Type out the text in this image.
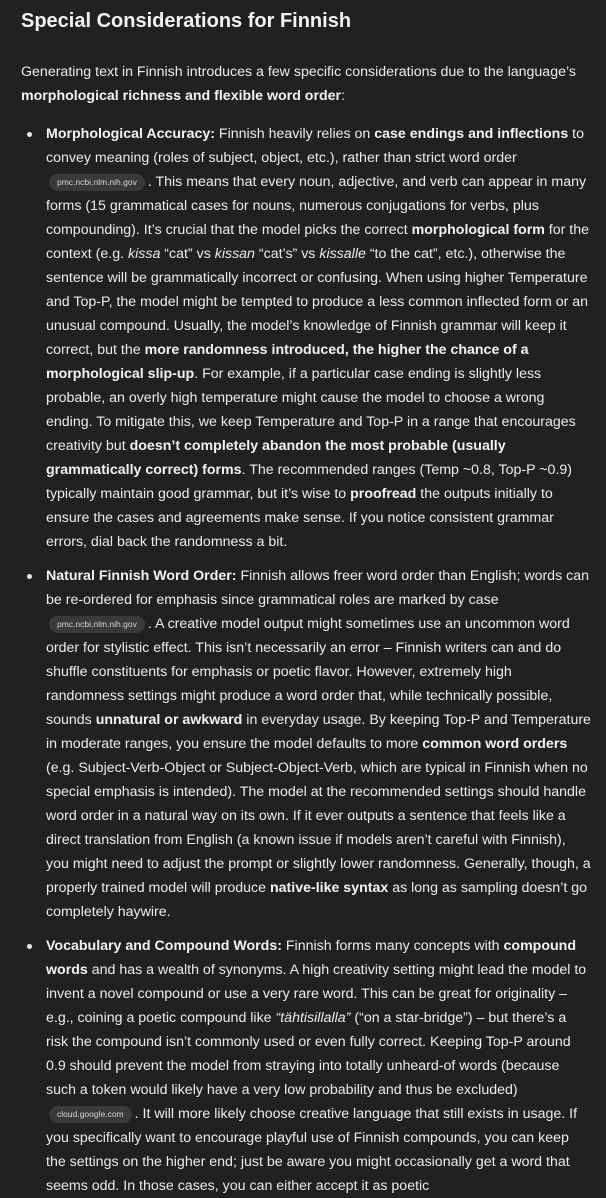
Special Considerations for Finnish

Generating text in Finnish introduces a few specific considerations due to the language’s morphological richness and flexible word order:

Morphological Accuracy: Finnish heavily relies on case endings and inflections to convey meaning (roles of subject, object, etc.), rather than strict word order pmc.ncbi.nlm.nih.gov . This means that every noun, adjective, and verb can appear in many forms (15 grammatical cases for nouns, numerous conjugations for verbs, plus compounding). It’s crucial that the model picks the correct morphological form for the context (e.g. kissa “cat” vs kissan “cat’s” vs kissalle “to the cat”, etc.), otherwise the sentence will be grammatically incorrect or confusing. When using higher Temperature and Top-P, the model might be tempted to produce a less common inflected form or an unusual compound. Usually, the model’s knowledge of Finnish grammar will keep it correct, but the more randomness introduced, the higher the chance of a morphological slip-up. For example, if a particular case ending is slightly less probable, an overly high temperature might cause the model to choose a wrong ending. To mitigate this, we keep Temperature and Top-P in a range that encourages creativity but doesn’t completely abandon the most probable (usually grammatically correct) forms. The recommended ranges (Temp ~0.8, Top-P ~0.9) typically maintain good grammar, but it’s wise to proofread the outputs initially to ensure the cases and agreements make sense. If you notice consistent grammar errors, dial back the randomness a bit.
Natural Finnish Word Order: Finnish allows freer word order than English; words can be re-ordered for emphasis since grammatical roles are marked by case pmc.ncbi.nlm.nih.gov . A creative model output might sometimes use an uncommon word order for stylistic effect. This isn’t necessarily an error – Finnish writers can and do shuffle constituents for emphasis or poetic flavor. However, extremely high randomness settings might produce a word order that, while technically possible, sounds unnatural or awkward in everyday usage. By keeping Top-P and Temperature in moderate ranges, you ensure the model defaults to more common word orders (e.g. Subject-Verb-Object or Subject-Object-Verb, which are typical in Finnish when no special emphasis is intended). The model at the recommended settings should handle word order in a natural way on its own. If it ever outputs a sentence that feels like a direct translation from English (a known issue if models aren’t careful with Finnish), you might need to adjust the prompt or slightly lower randomness. Generally, though, a properly trained model will produce native-like syntax as long as sampling doesn’t go completely haywire.
Vocabulary and Compound Words: Finnish forms many concepts with compound words and has a wealth of synonyms. A high creativity setting might lead the model to invent a novel compound or use a very rare word. This can be great for originality – e.g., coining a poetic compound like “tähtisillalla” (“on a star-bridge”) – but there’s a risk the compound isn’t commonly used or even fully correct. Keeping Top-P around 0.9 should prevent the model from straying into totally unheard-of words (because such a token would likely have a very low probability and thus be excluded) cloud.google.com . It will more likely choose creative language that still exists in usage. If you specifically want to encourage playful use of Finnish compounds, you can keep the settings on the higher end; just be aware you might occasionally get a word that seems odd. In those cases, you can either accept it as poetic
